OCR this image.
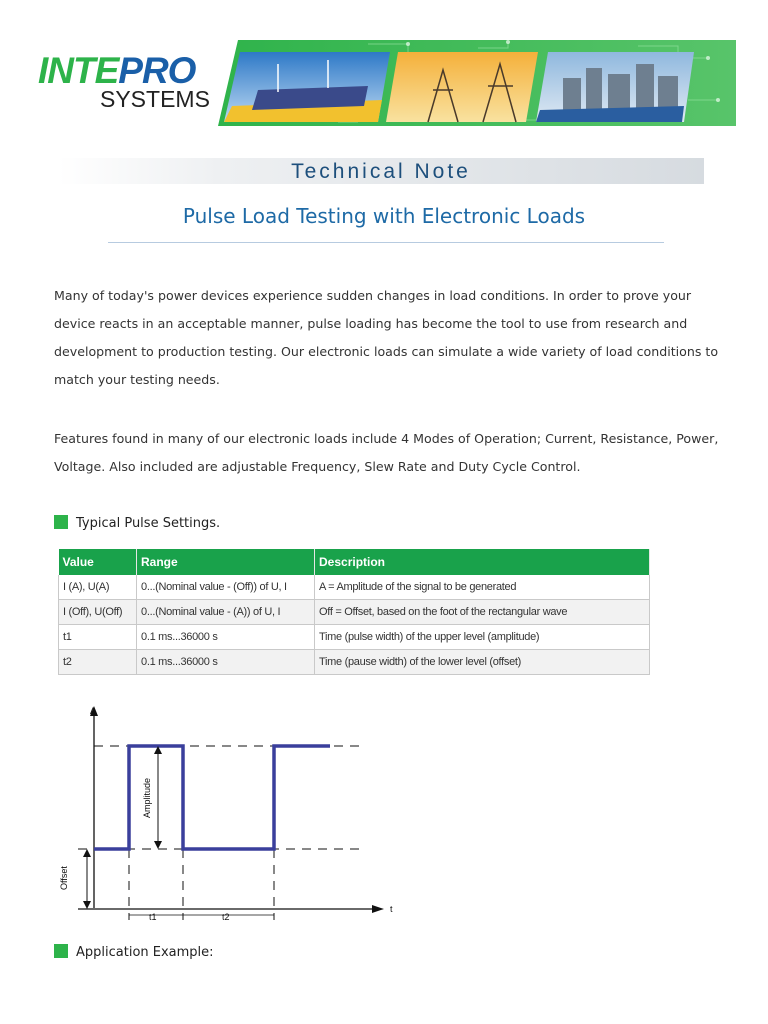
INTEPRO
SYSTEMS
Technical Note
Pulse Load Testing with Electronic Loads

Many of today's power devices experience sudden changes in load conditions. In order to prove your device reacts in an acceptable manner, pulse loading has become the tool to use from research and development to production testing. Our electronic loads can simulate a wide variety of load conditions to match your testing needs.

Features found in many of our electronic loads include 4 Modes of Operation; Current, Resistance, Power, Voltage. Also included are adjustable Frequency, Slew Rate and Duty Cycle Control.

Typical Pulse Settings.
Value	Range	Description
I (A), U(A)	0...(Nominal value - (Off)) of U, I	A = Amplitude of the signal to be generated
I (Off), U(Off)	0...(Nominal value - (A)) of U, I	Off = Offset, based on the foot of the rectangular wave
t1	0.1 ms...36000 s	Time (pulse width) of the upper level (amplitude)
t2	0.1 ms...36000 s	Time (pause width) of the lower level (offset)
A
t
Amplitude
Offset
t1	t2
Application Example:
